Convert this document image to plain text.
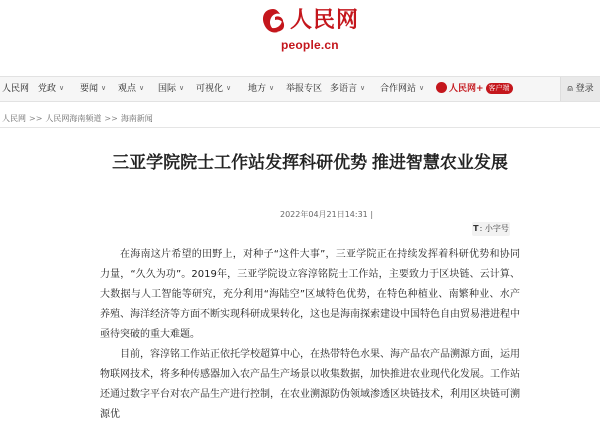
人民网
people.cn
人民网 党政 ∨ 要闻 ∨ 观点 ∨ 国际 ∨ 可视化 ∨ 地方 ∨ 举报专区 多语言 ∨ 合作网站 ∨	人民网+ 客户端	⍝ 登录
人民网 >> 人民网海南频道 >> 海南新闻
三亚学院院士工作站发挥科研优势 推进智慧农业发展
2022年04月21日14:31 |
T: 小字号

在海南这片希望的田野上，对种子“这件大事”，三亚学院正在持续发挥着科研优势和协同力量，“久久为功”。2019年，三亚学院设立容淳铭院士工作站，主要致力于区块链、云计算、大数据与人工智能等研究，充分利用“海陆空”区域特色优势，在特色种植业、南繁种业、水产养殖、海洋经济等方面不断实现科研成果转化，这也是海南探索建设中国特色自由贸易港进程中亟待突破的重大难题。

目前，容淳铭工作站正依托学校超算中心，在热带特色水果、海产品农产品溯源方面，运用物联网技术，将多种传感器加入农产品生产场景以收集数据，加快推进农业现代化发展。工作站还通过数字平台对农产品生产进行控制，在农业溯源防伪领域渗透区块链技术，利用区块链可溯源优
